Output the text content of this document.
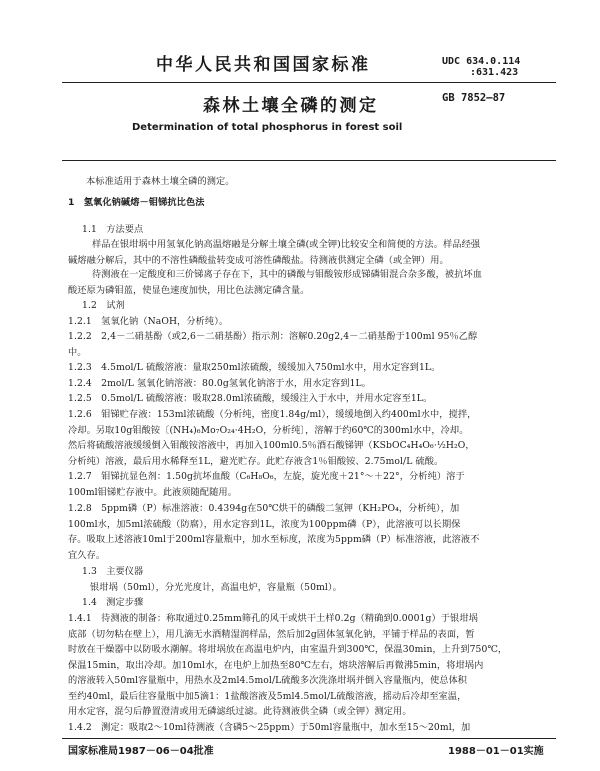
中华人民共和国国家标准	UDC 634.0.114
:631.423
GB 7852—87
森林土壤全磷的测定
Determination of total phosphorus in forest soil
本标准适用于森林土壤全磷的测定。
1　氢氧化钠碱熔－钼锑抗比色法
1.1　方法要点
样品在银坩埚中用氢氧化钠高温熔融是分解土壤全磷(或全钾)比较安全和简便的方法。样品经强
碱熔融分解后，其中的不溶性磷酸盐转变成可溶性磷酸盐。待测液供测定全磷（或全钾）用。
待测液在一定酸度和三价锑离子存在下，其中的磷酸与钼酸铵形成锑磷钼混合杂多酸，被抗坏血
酸还原为磷钼蓝，使显色速度加快，用比色法测定磷含量。
1.2　试剂
1.2.1　氢氧化钠（NaOH，分析纯）。
1.2.2　2,4－二硝基酚（或2,6－二硝基酚）指示剂：溶解0.20g2,4－二硝基酚于100ml 95％乙醇
中。
1.2.3　4.5mol/L 硫酸溶液：量取250ml浓硫酸，缓缓加入750ml水中，用水定容到1L。
1.2.4　2mol/L 氢氧化钠溶液：80.0g氢氧化钠溶于水，用水定容到1L。
1.2.5　0.5mol/L 硫酸溶液：吸取28.0ml浓硫酸，缓缓注入于水中，并用水定容至1L。
1.2.6　钼锑贮存液：153ml浓硫酸（分析纯，密度1.84g/ml），缓缓地倒入约400ml水中，搅拌，
冷却。另取10g钼酸铵〔(NH₄)₆Mo₇O₂₄·4H₂O，分析纯〕，溶解于约60℃的300ml水中，冷却。
然后将硫酸溶液缓缓倒入钼酸铵溶液中，再加入100ml0.5％酒石酸锑钾（KSbOC₄H₄O₆·½H₂O，
分析纯）溶液，最后用水稀释至1L，避光贮存。此贮存液含1％钼酸铵、2.75mol/L 硫酸。
1.2.7　钼锑抗显色剂：1.50g抗坏血酸（C₆H₈O₆，左旋，旋光度＋21°～＋22°，分析纯）溶于
100ml钼锑贮存液中。此液须随配随用。
1.2.8　5ppm磷（P）标准溶液：0.4394g在50℃烘干的磷酸二氢钾（KH₂PO₄，分析纯），加
100ml水，加5ml浓硫酸（防腐），用水定容到1L，浓度为100ppm磷（P），此溶液可以长期保
存。吸取上述溶液10ml于200ml容量瓶中，加水至标度，浓度为5ppm磷（P）标准溶液，此溶液不
宜久存。
1.3　主要仪器
银坩埚（50ml），分光光度计，高温电炉，容量瓶（50ml）。
1.4　测定步骤
1.4.1　待测液的制备：称取通过0.25mm筛孔的风干或烘干土样0.2g（精确到0.0001g）于银坩埚
底部（切勿粘在壁上），用几滴无水酒精湿润样品，然后加2g固体氢氧化钠，平铺于样品的表面，暂
时放在干燥器中以防吸水潮解。将坩埚放在高温电炉内，由室温升到300℃，保温30min，上升到750℃，
保温15min，取出冷却。加10ml水，在电炉上加热至80℃左右，熔块溶解后再微沸5min，将坩埚内
的溶液转入50ml容量瓶中，用热水及2ml4.5mol/L硫酸多次洗涤坩埚并倒入容量瓶内，使总体积
至约40ml，最后往容量瓶中加5滴1：1盐酸溶液及5ml4.5mol/L硫酸溶液，摇动后冷却至室温，
用水定容，混匀后静置澄清或用无磷滤纸过滤。此待测液供全磷（或全钾）测定用。
1.4.2　测定：吸取2～10ml待测液（含磷5～25ppm）于50ml容量瓶中，加水至15～20ml，加
国家标准局1987－06－04批准	1988－01－01实施
